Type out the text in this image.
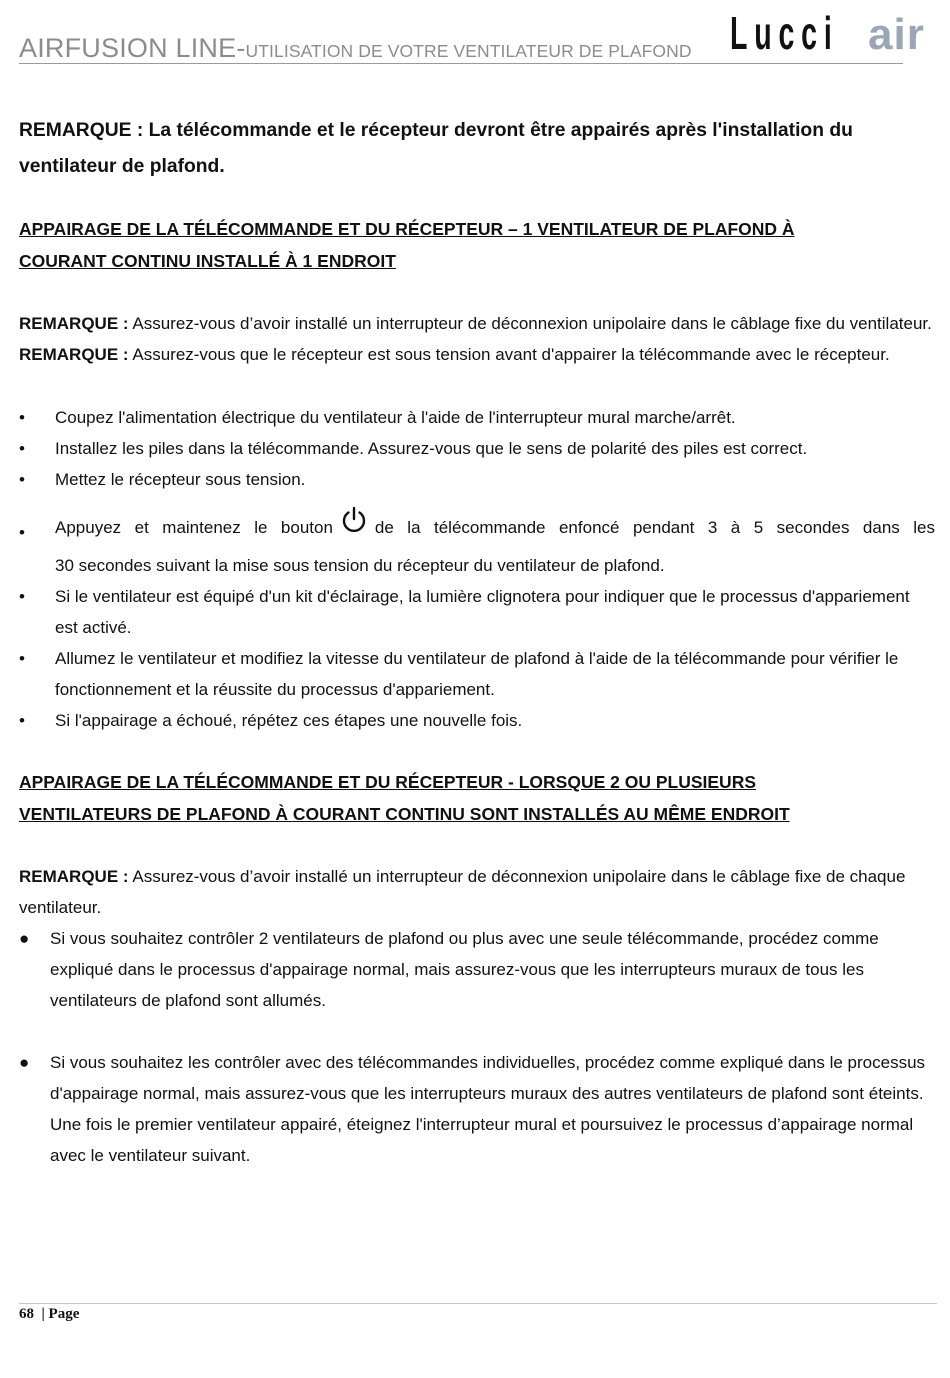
AIRFUSION LINE-UTILISATION DE VOTRE VENTILATEUR DE PLAFOND Lucci air

REMARQUE : La télécommande et le récepteur devront être appairés après l'installation du ventilateur de plafond.

APPAIRAGE DE LA TÉLÉCOMMANDE ET DU RÉCEPTEUR – 1 VENTILATEUR DE PLAFOND À

COURANT CONTINU INSTALLÉ À 1 ENDROIT

REMARQUE : Assurez-vous d’avoir installé un interrupteur de déconnexion unipolaire dans le câblage fixe du ventilateur.

REMARQUE : Assurez-vous que le récepteur est sous tension avant d'appairer la télécommande avec le récepteur.

• Coupez l'alimentation électrique du ventilateur à l'aide de l'interrupteur mural marche/arrêt.
• Installez les piles dans la télécommande. Assurez-vous que le sens de polarité des piles est correct.
• Mettez le récepteur sous tension.
• Appuyez et maintenez le bouton de la télécommande enfoncé pendant 3 à 5 secondes dans les
30 secondes suivant la mise sous tension du récepteur du ventilateur de plafond.
• Si le ventilateur est équipé d'un kit d'éclairage, la lumière clignotera pour indiquer que le processus d'appariement est activé.
• Allumez le ventilateur et modifiez la vitesse du ventilateur de plafond à l'aide de la télécommande pour vérifier le fonctionnement et la réussite du processus d'appariement.
• Si l'appairage a échoué, répétez ces étapes une nouvelle fois.

APPAIRAGE DE LA TÉLÉCOMMANDE ET DU RÉCEPTEUR - LORSQUE 2 OU PLUSIEURS

VENTILATEURS DE PLAFOND À COURANT CONTINU SONT INSTALLÉS AU MÊME ENDROIT

REMARQUE : Assurez-vous d’avoir installé un interrupteur de déconnexion unipolaire dans le câblage fixe de chaque ventilateur.

● Si vous souhaitez contrôler 2 ventilateurs de plafond ou plus avec une seule télécommande, procédez comme expliqué dans le processus d'appairage normal, mais assurez-vous que les interrupteurs muraux de tous les ventilateurs de plafond sont allumés.
● Si vous souhaitez les contrôler avec des télécommandes individuelles, procédez comme expliqué dans le processus d'appairage normal, mais assurez-vous que les interrupteurs muraux des autres ventilateurs de plafond sont éteints. Une fois le premier ventilateur appairé, éteignez l'interrupteur mural et poursuivez le processus d’appairage normal avec le ventilateur suivant.
68 | Page
